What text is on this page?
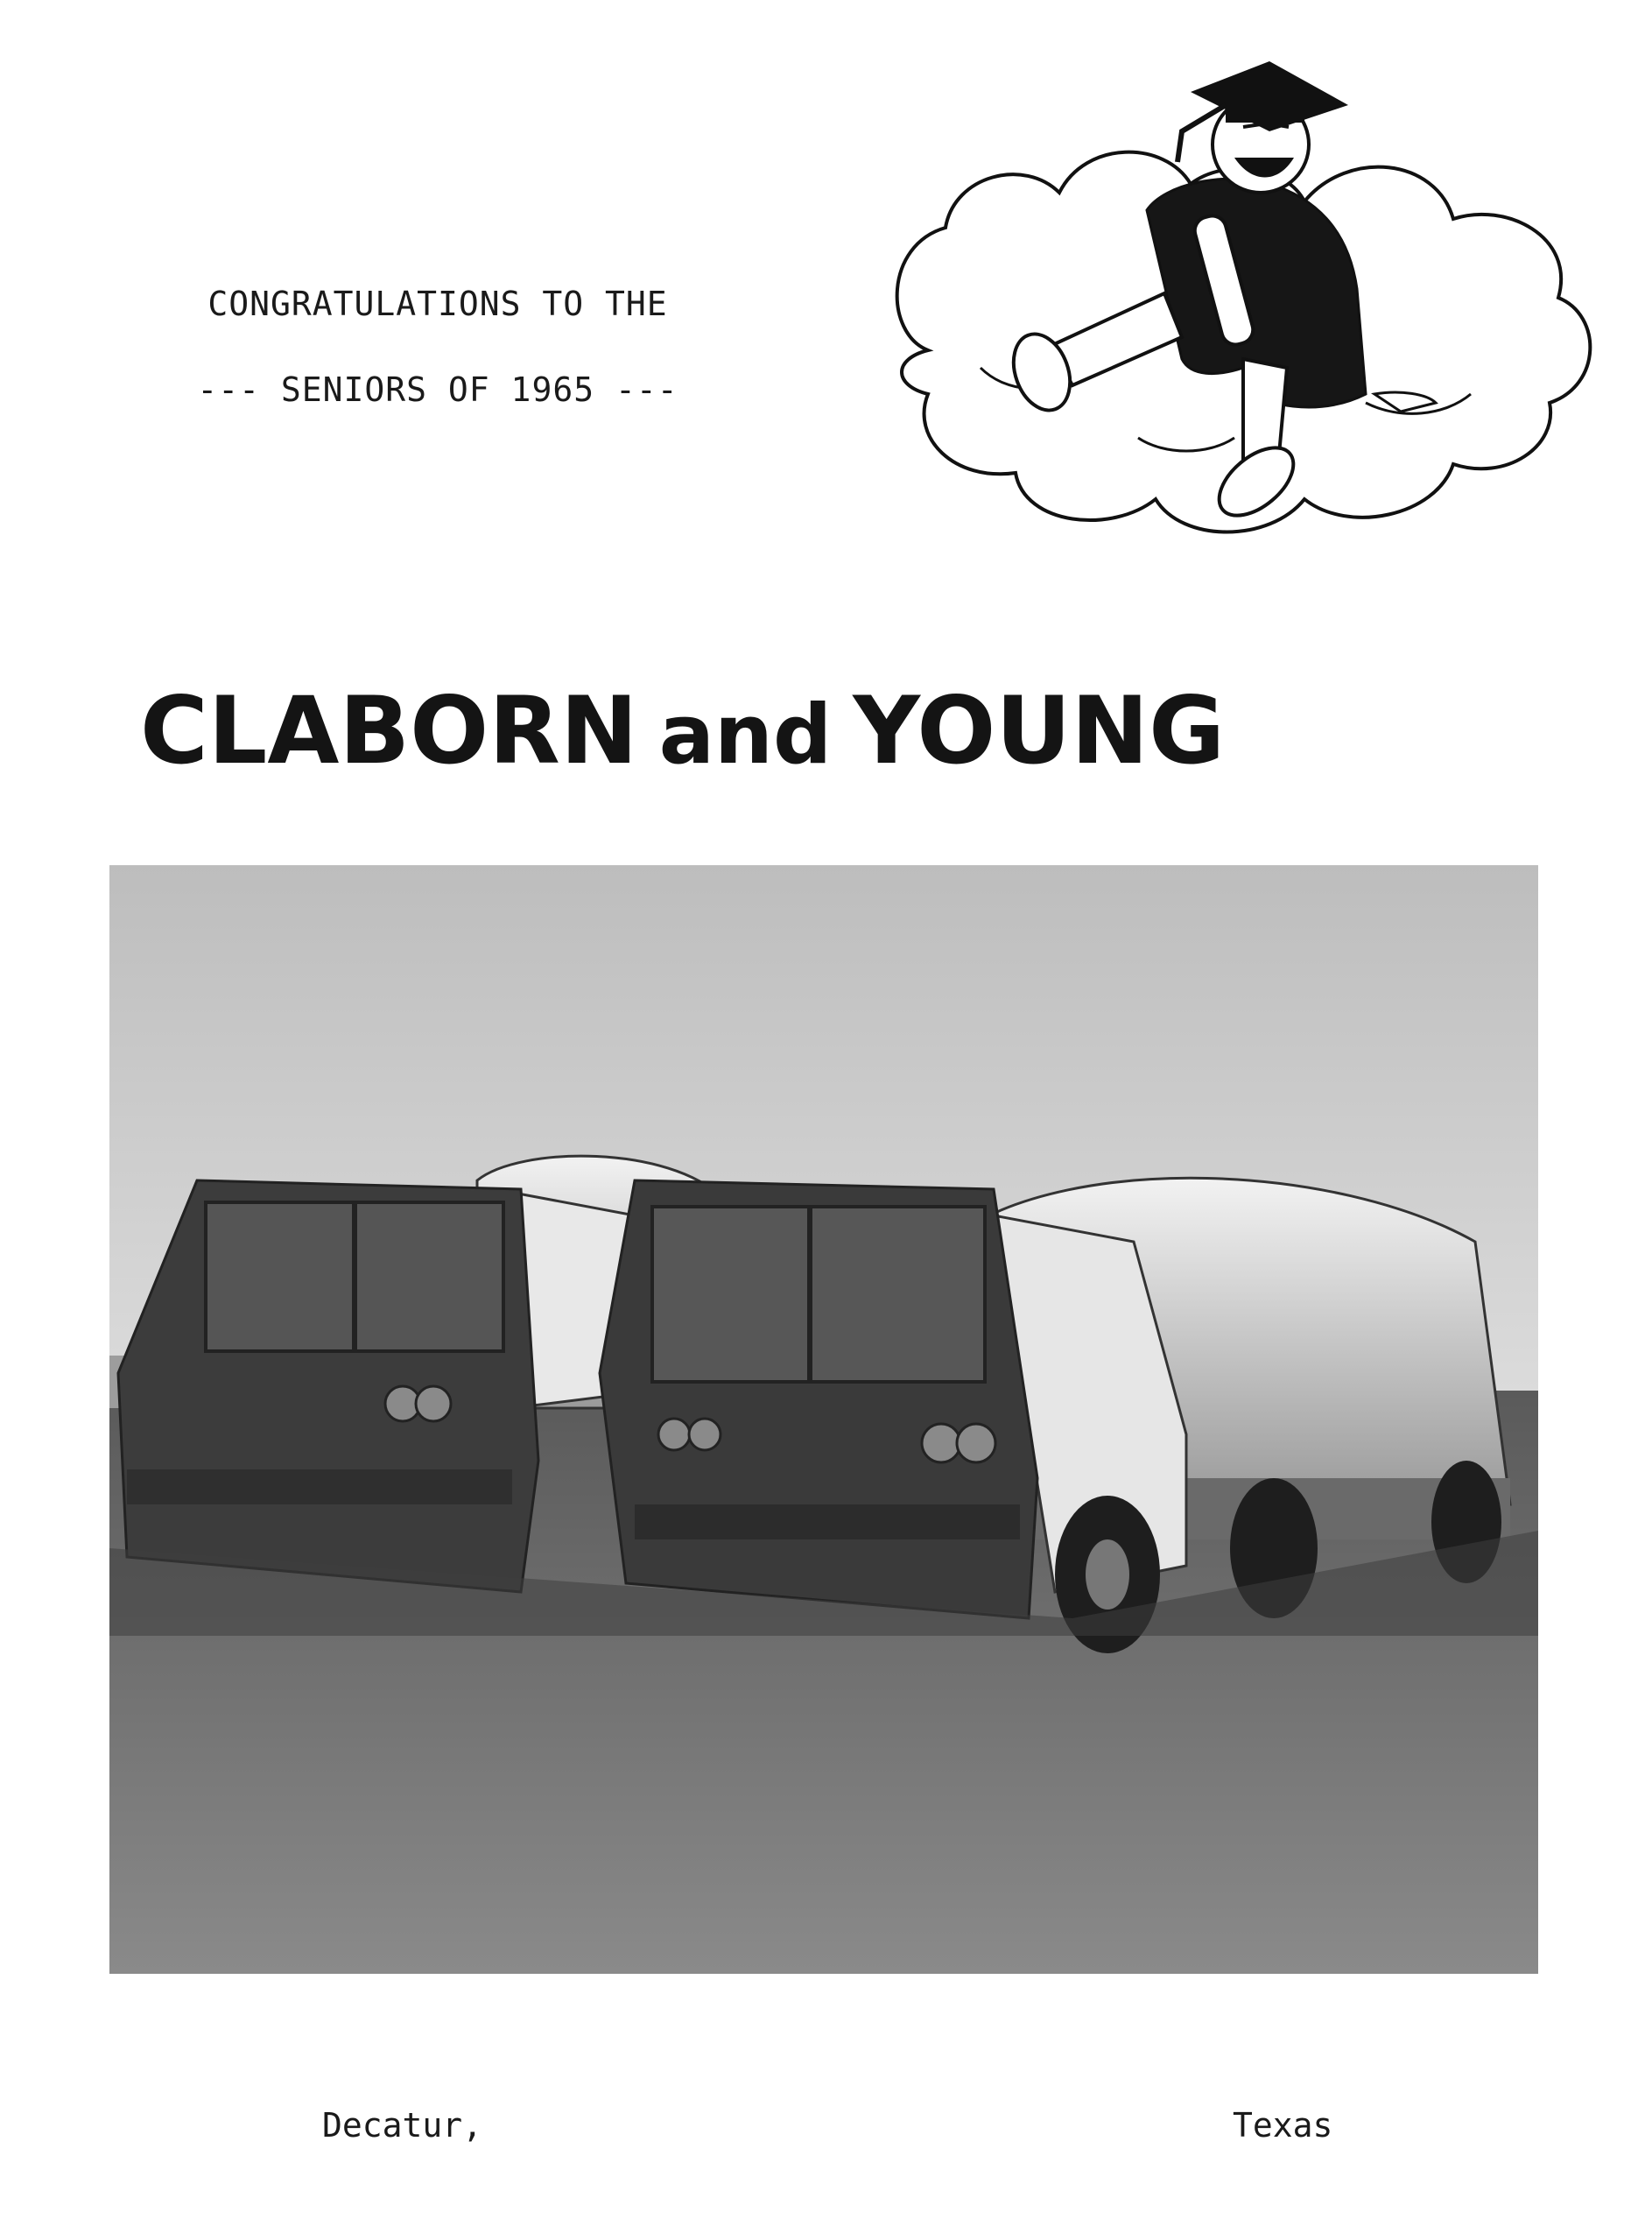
CONGRATULATIONS TO THE
--- SENIORS OF 1965 ---
CLABORN and YOUNG
Decatur,	Texas
